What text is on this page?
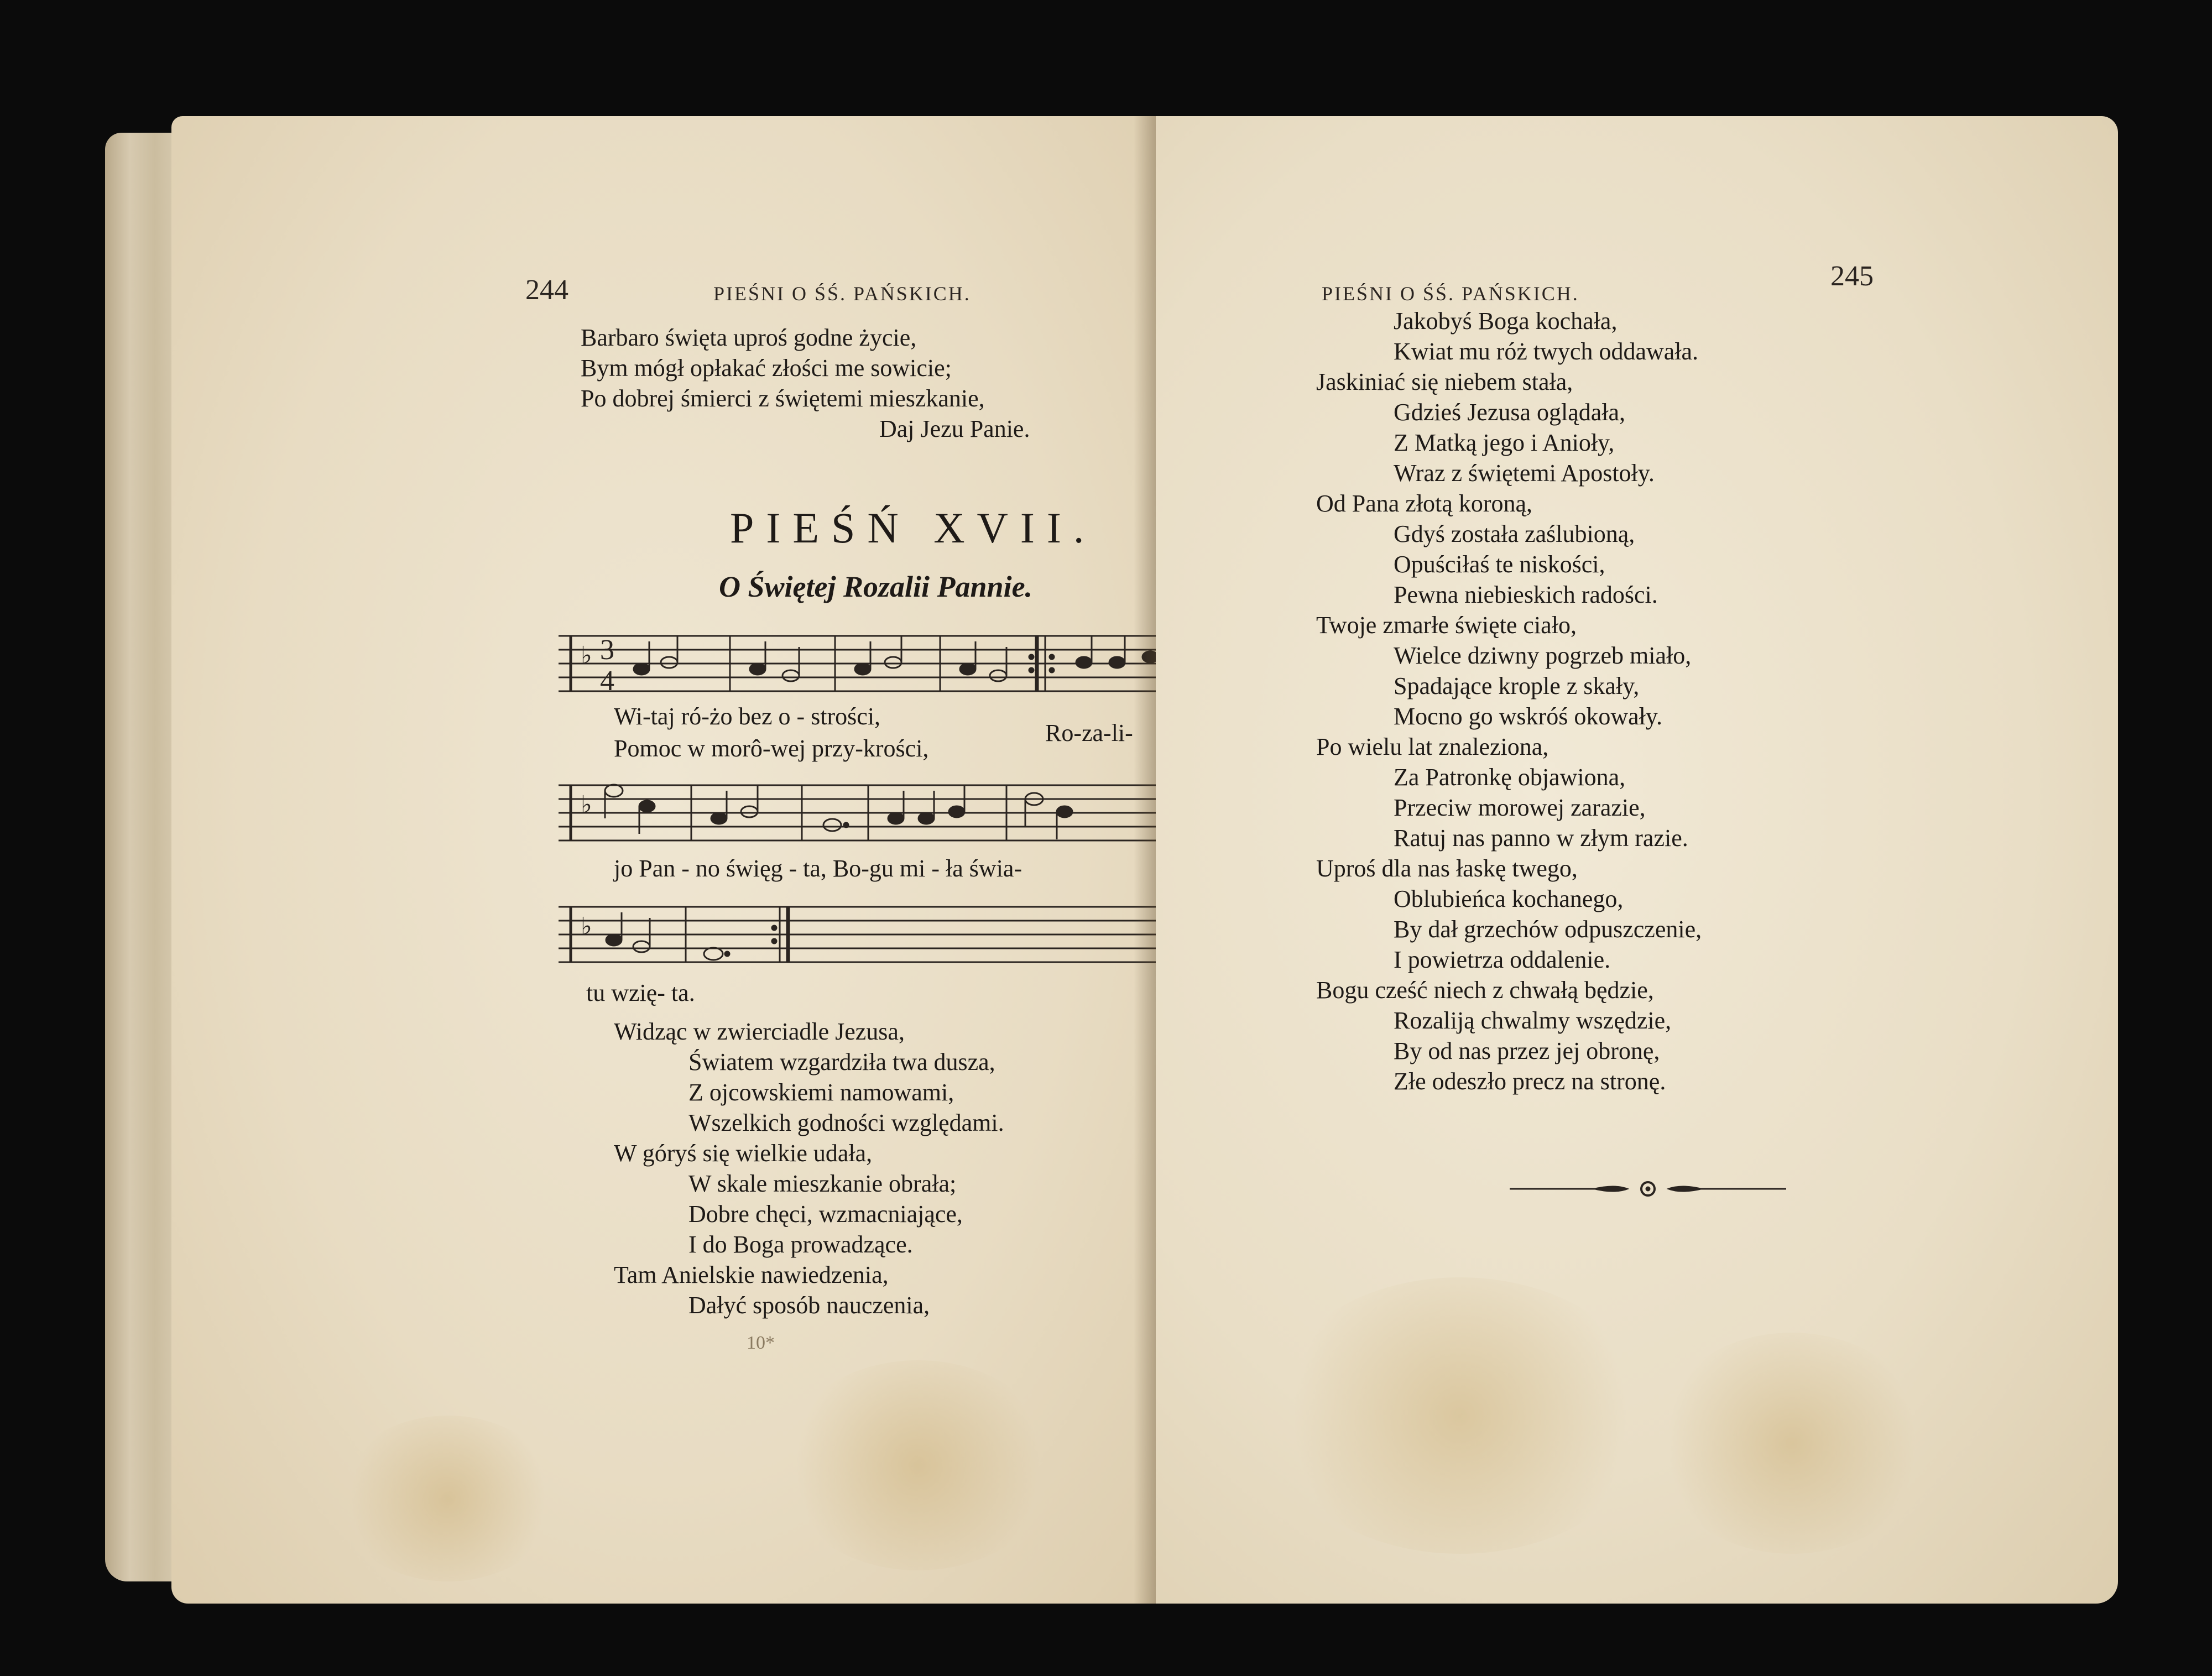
244	PIEŚNI O ŚŚ. PAŃSKICH.
Barbaro święta uproś godne życie,
Bym mógł opłakać złości me sowicie;
Po dobrej śmierci z świętemi mieszkanie,
Daj Jezu Panie.
PIEŚŃ XVII.
O Świętej Rozalii Pannie.
♭ 3
4
Wi-taj ró-żo bez o - strości,
Pomoc w morô-wej przy-krości,
Ro-za-li-
♭
jo Pan - no święg - ta, Bo-gu mi - ła świa-
♭
tu wzię- ta.
Widząc w zwierciadle Jezusa,
Światem wzgardziła twa dusza,
Z ojcowskiemi namowami,
Wszelkich godności względami.
W góryś się wielkie udała,
W skale mieszkanie obrała;
Dobre chęci, wzmacniające,
I do Boga prowadzące.
Tam Anielskie nawiedzenia,
Dałyć sposób nauczenia,
10*
PIEŚNI O ŚŚ. PAŃSKICH.
245
Jakobyś Boga kochała,
Kwiat mu róż twych oddawała.
Jaskiniać się niebem stała,
Gdzieś Jezusa oglądała,
Z Matką jego i Anioły,
Wraz z świętemi Apostoły.
Od Pana złotą koroną,
Gdyś została zaślubioną,
Opuściłaś te niskości,
Pewna niebieskich radości.
Twoje zmarłe święte ciało,
Wielce dziwny pogrzeb miało,
Spadające krople z skały,
Mocno go wskróś okowały.
Po wielu lat znaleziona,
Za Patronkę objawiona,
Przeciw morowej zarazie,
Ratuj nas panno w złym razie.
Uproś dla nas łaskę twego,
Oblubieńca kochanego,
By dał grzechów odpuszczenie,
I powietrza oddalenie.
Bogu cześć niech z chwałą będzie,
Rozaliją chwalmy wszędzie,
By od nas przez jej obronę,
Złe odeszło precz na stronę.
